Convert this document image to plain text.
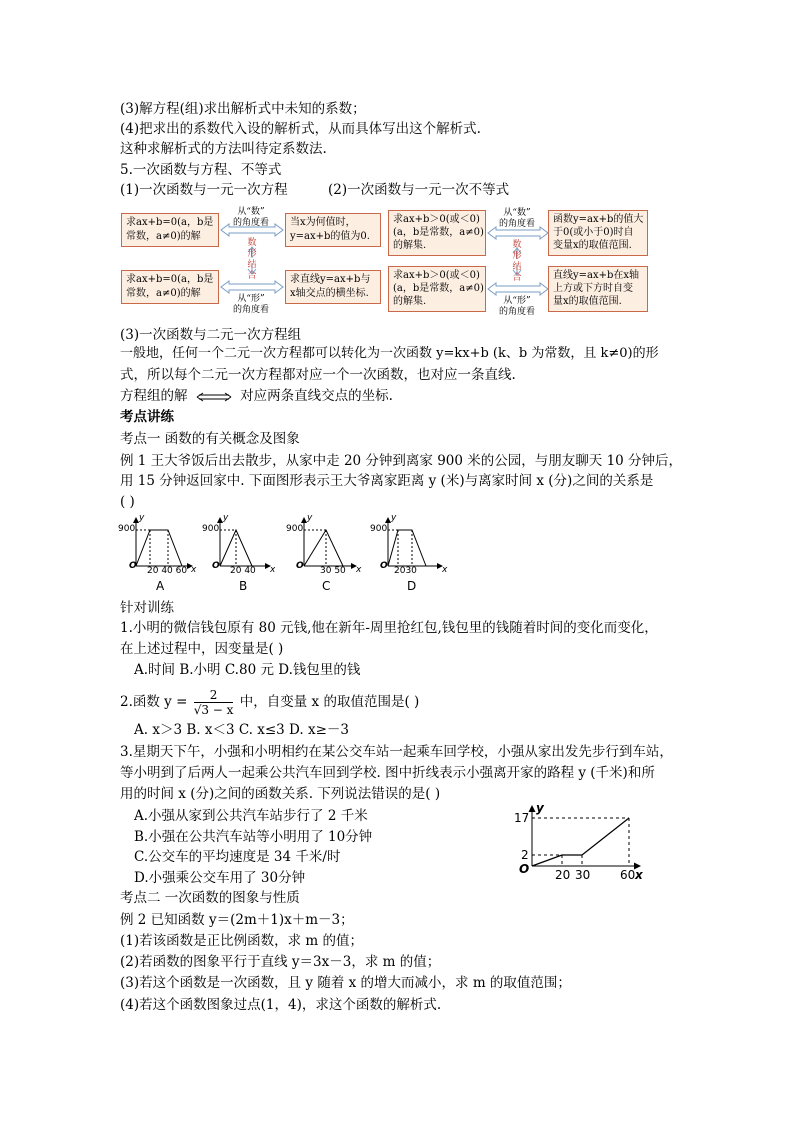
(3)解方程(组)求出解析式中未知的系数；
(4)把求出的系数代入设的解析式，从而具体写出这个解析式.
这种求解析式的方法叫待定系数法.
5.一次函数与方程、不等式
(1)一次函数与一元一次方程	(2)一次函数与一元一次不等式
求ax+b=0(a，b是
常数，a≠0)的解
当x为何值时，
y=ax+b的值为0.
求ax+b=0(a，b是
常数，a≠0)的解
求直线y=ax+b与
x轴交点的横坐标.
求ax+b＞0(或＜0)
(a，b是常数，a≠0)
的解集.
函数y=ax+b的值大
于0(或小于0)时自
变量x的取值范围.
求ax+b＞0(或＜0)
(a，b是常数，a≠0)
的解集.
直线y=ax+b在x轴
上方或下方时自变
量x的取值范围.
从“数”
的角度看
从“形”
的角度看
从“数”
的角度看
从“形”
的角度看
数
形
结
合
数
形
结
合
(3)一次函数与二元一次方程组
一般地，任何一个二元一次方程都可以转化为一次函数 y=kx+b (k、b 为常数，且 k≠0)的形
式，所以每个二元一次方程都对应一个一次函数，也对应一条直线.
方程组的解	对应两条直线交点的坐标.
考点讲练
考点一 函数的有关概念及图象
例 1 王大爷饭后出去散步，从家中走 20 分钟到离家 900 米的公园，与朋友聊天 10 分钟后，
用 15 分钟返回家中. 下面图形表示王大爷离家距离 y (米)与离家时间 x (分)之间的关系是
( )
900
O 20 40 60 x
y
A
900
O 20 40 x
y
B
900
O 30 50 x
y
C
900
O 2030	x
y
D
针对训练
1.小明的微信钱包原有 80 元钱,他在新年-周里抢红包,钱包里的钱随着时间的变化而变化，
在上述过程中，因变量是( )
A.时间 B.小明 C.80 元 D.钱包里的钱
2.函数 $y = \frac{2}{√3 - x}$ 中，自变量 x 的取值范围是( )
A. x＞3 B. x＜3 C. x≤3 D. x≥－3
3.星期天下午，小强和小明相约在某公交车站一起乘车回学校，小强从家出发先步行到车站，
等小明到了后两人一起乘公共汽车回到学校. 图中折线表示小强离开家的路程 y (千米)和所
用的时间 x (分)之间的函数关系. 下列说法错误的是( )
A.小强从家到公共汽车站步行了 2 千米
B.小强在公共汽车站等小明用了 10分钟
C.公交车的平均速度是 34 千米/时
D.小强乘公交车用了 30分钟
17
2
O 20 30 60 x
y
考点二 一次函数的图象与性质
例 2 已知函数 y＝(2m＋1)x＋m－3；
(1)若该函数是正比例函数，求 m 的值；
(2)若函数的图象平行于直线 y＝3x－3，求 m 的值；
(3)若这个函数是一次函数，且 y 随着 x 的增大而减小，求 m 的取值范围；
(4)若这个函数图象过点(1，4)，求这个函数的解析式.
